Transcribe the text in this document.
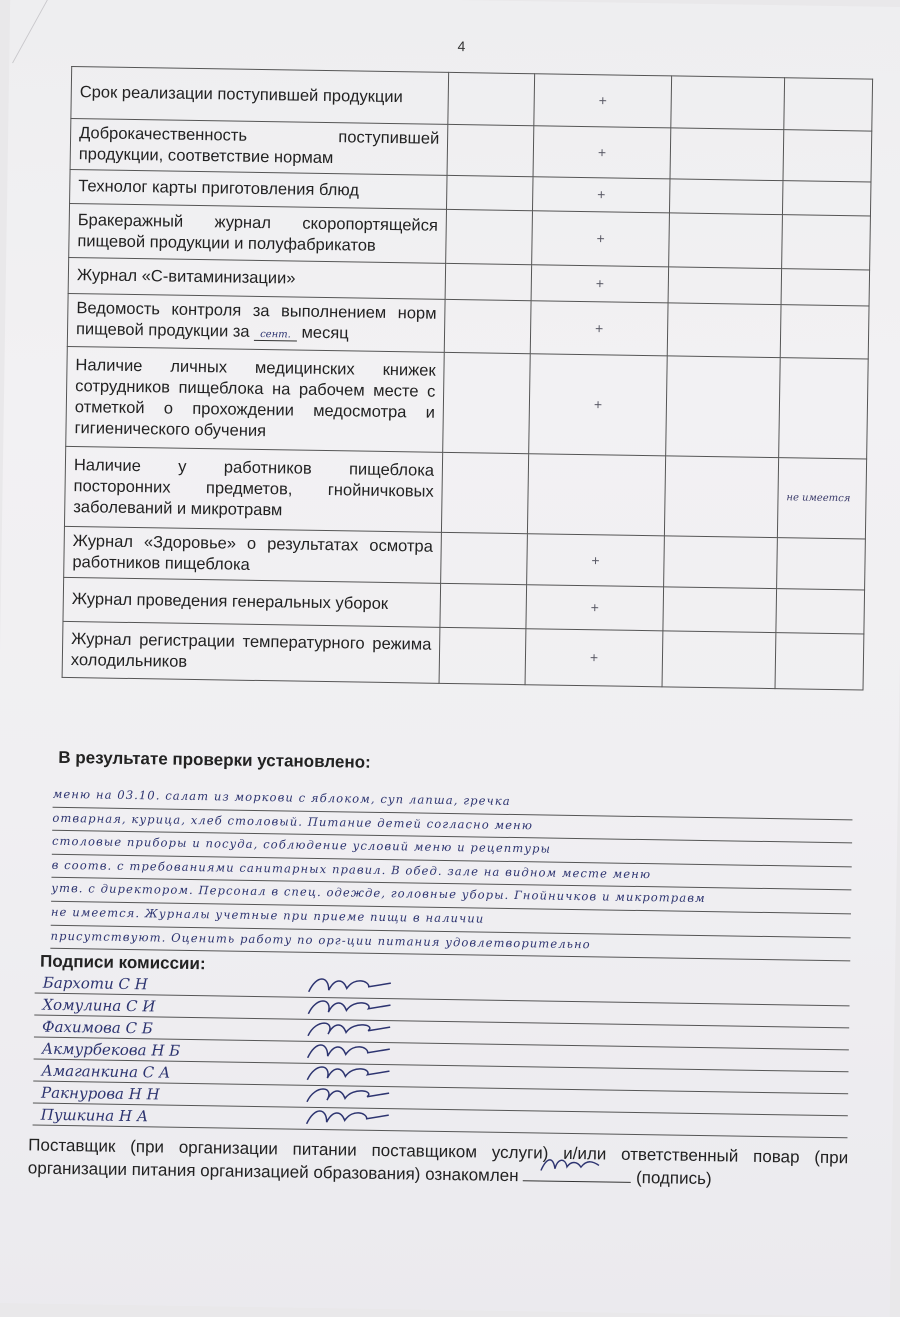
4
Срок реализации поступившей продукции		+		
Доброкачественность поступившей продукции, соответствие нормам		+		
Технолог карты приготовления блюд		+		
Бракеражный журнал скоропортящейся пищевой продукции и полуфабрикатов		+		
Журнал «С-витаминизации»		+		
Ведомость контроля за выполнением норм пищевой продукции за сент. месяц		+		
Наличие личных медицинских книжек сотрудников пищеблока на рабочем месте с отметкой о прохождении медосмотра и гигиенического обучения		+		
Наличие у работников пищеблока посторонних предметов, гнойничковых заболеваний и микротравм				не имеется
Журнал «Здоровье» о результатах осмотра работников пищеблока		+		
Журнал проведения генеральных уборок		+		
Журнал регистрации температурного режима холодильников		+		
В результате проверки установлено:
меню на 03.10. салат из моркови с яблоком, суп лапша, гречка
отварная, курица, хлеб столовый. Питание детей согласно меню
столовые приборы и посуда, соблюдение условий меню и рецептуры
в соотв. с требованиями санитарных правил. В обед. зале на видном месте меню
утв. с директором. Персонал в спец. одежде, головные уборы. Гнойничков и микротравм
не имеется. Журналы учетные при приеме пищи в наличии
присутствуют. Оценить работу по орг-ции питания удовлетворительно
Подписи комиссии:
Бархоти С Н
Хомулина С И
Фахимова С Б
Акмурбекова Н Б
Амаганкина С А
Ракнурова Н Н
Пушкина Н А
Поставщик (при организации питании поставщиком услуги) и/или ответственный повар (при организации питания организацией образования) ознакомлен	(подпись)
